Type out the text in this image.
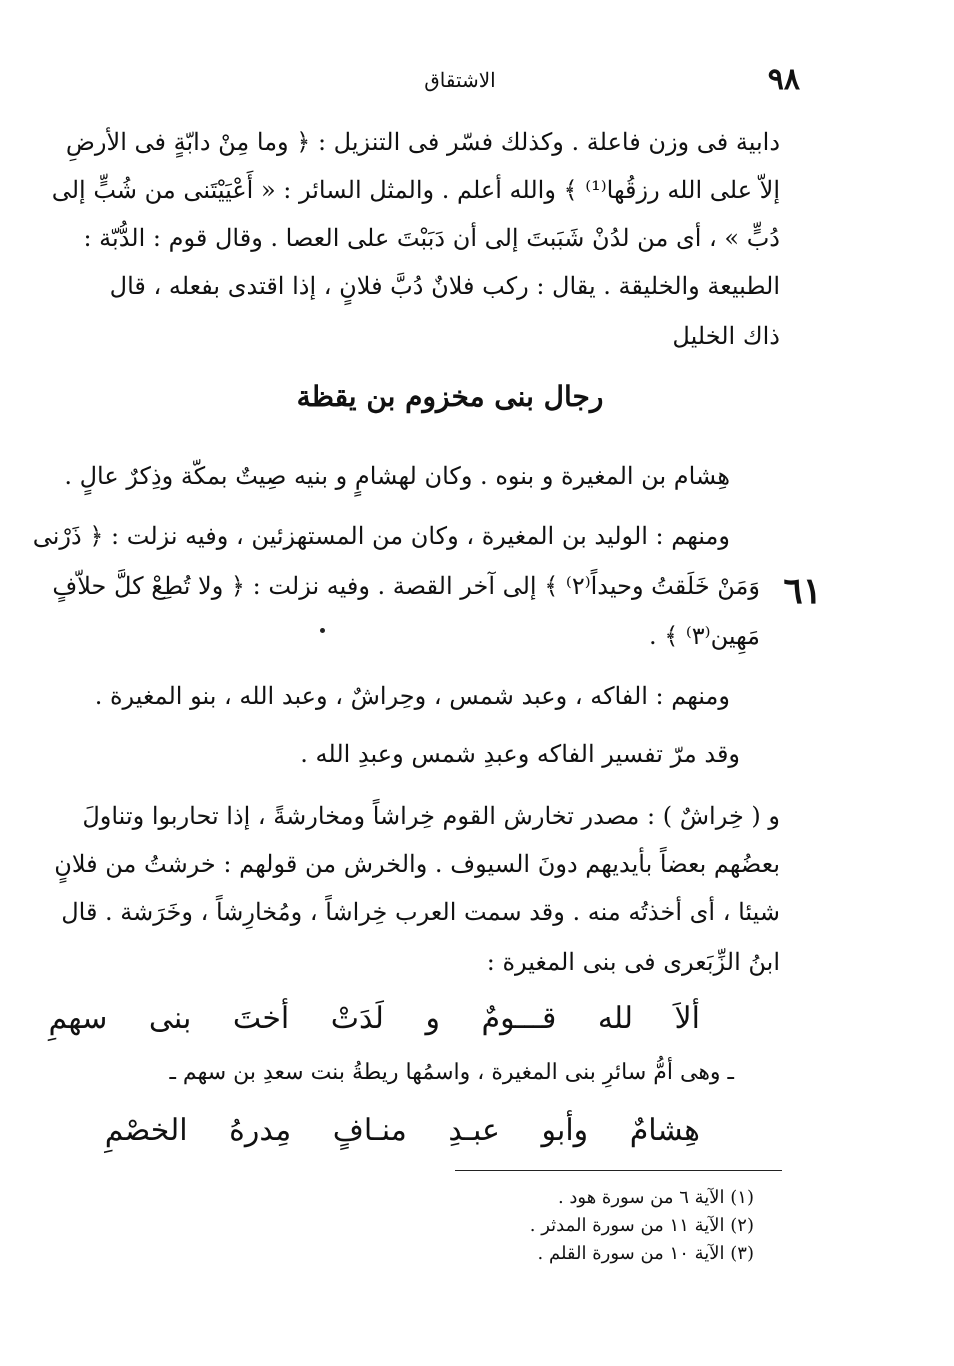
٩٨
الاشتقاق

دابية فى وزن فاعلة . وكذلك فسّر فى التنزيل : ﴿ وما مِنْ دابّةٍ فى الأرضِ

إلاّ على الله رزقُها⁽¹⁾ ﴾ والله أعلم . والمثل السائر : « أَعْيَيْتَنى من شُبٍّ إلى

دُبٍّ » ، أى من لدُنْ شَبَبتَ إلى أن دَبَبْتَ على العصا . وقال قوم : الدُّبّة :

الطبيعة والخليقة . يقال : ركب فلانٌ دُبَّ فلانٍ ، إذا اقتدى بفعله ، قال

ذاك الخليل

رجال بنى مخزوم بن يقظة

هِشام بن المغيرة و بنوه . وكان لهشامٍ و بنيه صِيتٌ بمكّة وذِكرٌ عالٍ .

ومنهم : الوليد بن المغيرة ، وكان من المستهزئين ، وفيه نزلت : ﴿ ذَرْنى

وَمَنْ خَلَقتُ وحيداً⁽٢⁾ ﴾ إلى آخر القصة . وفيه نزلت : ﴿ ولا تُطِعْ كلَّ حلاّفٍ

مَهِين⁽٣⁾ ﴾ .

٦١

ومنهم : الفاكه ، وعبد شمس ، وحِراشٌ ، وعبد الله ، بنو المغيرة .

وقد مرّ تفسير الفاكه وعبدِ شمس وعبدِ الله .

و ( خِراشٌ ) : مصدر تخارش القوم خِراشاً ومخارشةً ، إذا تحاربوا وتناولَ

بعضُهم بعضاً بأيديهم دونَ السيوف . والخرش من قولهم : خرشتُ من فلانٍ

شيئا ، أى أخذتُه منه . وقد سمت العرب خِراشاً ، ومُخارِشاً ، وخَرَشة . قال

ابنُ الزِّبَعرى فى بنى المغيرة :

ألاَ لله قـــومٌ و لَدَتْ أختَ بنى سهمِ

ـ وهى أمُّ سائرِ بنى المغيرة ، واسمُها ريطةُ بنت سعدِ بن سهم ـ

هِشامٌ وأبو عبـدِ منـافٍ مِدرهُ الخصْمِ

(١) الآية ٦ من سورة هود .

(٢) الآية ١١ من سورة المدثر .

(٣) الآية ١٠ من سورة القلم .
